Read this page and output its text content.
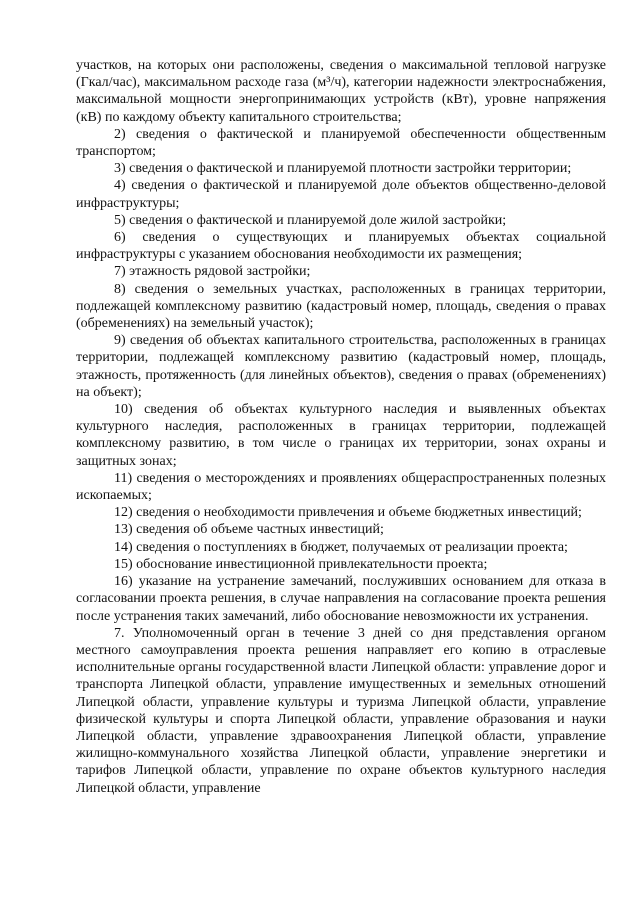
участков, на которых они расположены, сведения о максимальной тепловой нагрузке (Гкал/час), максимальном расходе газа (м³/ч), категории надежности электроснабжения, максимальной мощности энергопринимающих устройств (кВт), уровне напряжения (кВ) по каждому объекту капитального строительства;

2) сведения о фактической и планируемой обеспеченности общественным транспортом;

3) сведения о фактической и планируемой плотности застройки территории;

4) сведения о фактической и планируемой доле объектов общественно-деловой инфраструктуры;

5) сведения о фактической и планируемой доле жилой застройки;

6) сведения о существующих и планируемых объектах социальной инфраструктуры с указанием обоснования необходимости их размещения;

7) этажность рядовой застройки;

8) сведения о земельных участках, расположенных в границах территории, подлежащей комплексному развитию (кадастровый номер, площадь, сведения о правах (обременениях) на земельный участок);

9) сведения об объектах капитального строительства, расположенных в границах территории, подлежащей комплексному развитию (кадастровый номер, площадь, этажность, протяженность (для линейных объектов), сведения о правах (обременениях) на объект);

10) сведения об объектах культурного наследия и выявленных объектах культурного наследия, расположенных в границах территории, подлежащей комплексному развитию, в том числе о границах их территории, зонах охраны и защитных зонах;

11) сведения о месторождениях и проявлениях общераспространенных полезных ископаемых;

12) сведения о необходимости привлечения и объеме бюджетных инвестиций;

13) сведения об объеме частных инвестиций;

14) сведения о поступлениях в бюджет, получаемых от реализации проекта;

15) обоснование инвестиционной привлекательности проекта;

16) указание на устранение замечаний, послуживших основанием для отказа в согласовании проекта решения, в случае направления на согласование проекта решения после устранения таких замечаний, либо обоснование невозможности их устранения.

7. Уполномоченный орган в течение 3 дней со дня представления органом местного самоуправления проекта решения направляет его копию в отраслевые исполнительные органы государственной власти Липецкой области: управление дорог и транспорта Липецкой области, управление имущественных и земельных отношений Липецкой области, управление культуры и туризма Липецкой области, управление физической культуры и спорта Липецкой области, управление образования и науки Липецкой области, управление здравоохранения Липецкой области, управление жилищно-коммунального хозяйства Липецкой области, управление энергетики и тарифов Липецкой области, управление по охране объектов культурного наследия Липецкой области, управление
